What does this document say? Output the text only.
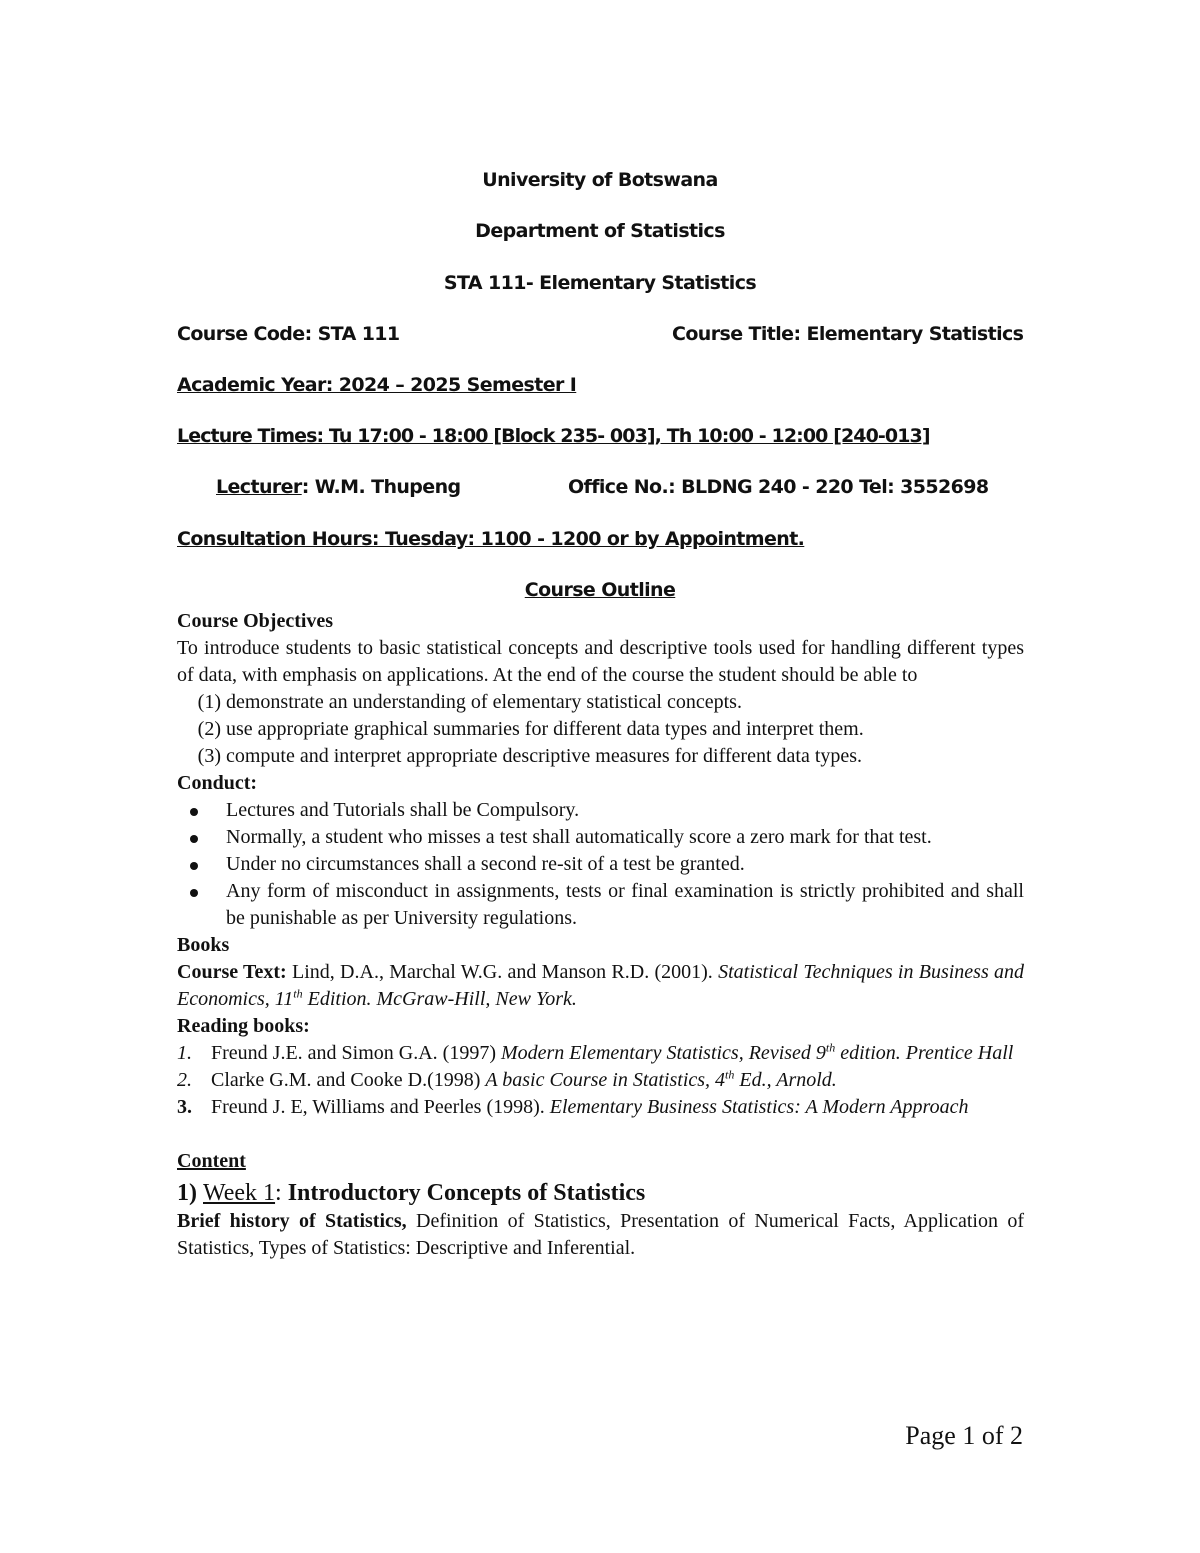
University of Botswana
Department of Statistics
STA 111- Elementary Statistics
Course Code: STA 111	Course Title: Elementary Statistics
Academic Year: 2024 – 2025 Semester I
Lecture Times: Tu 17:00 - 18:00 [Block 235- 003], Th 10:00 - 12:00 [240-013]
Lecturer: W.M. Thupeng	Office No.: BLDNG 240 - 220 Tel: 3552698
Consultation Hours: Tuesday: 1100 - 1200 or by Appointment.
Course Outline
Course Objectives
To introduce students to basic statistical concepts and descriptive tools used for handling different types of data, with emphasis on applications. At the end of the course the student should be able to
(1) demonstrate an understanding of elementary statistical concepts.
(2) use appropriate graphical summaries for different data types and interpret them.
(3) compute and interpret appropriate descriptive measures for different data types.
Conduct:
Lectures and Tutorials shall be Compulsory.
Normally, a student who misses a test shall automatically score a zero mark for that test.
Under no circumstances shall a second re-sit of a test be granted.
Any form of misconduct in assignments, tests or final examination is strictly prohibited and shall be punishable as per University regulations.
Books
Course Text: Lind, D.A., Marchal W.G. and Manson R.D. (2001). Statistical Techniques in Business and Economics, 11th Edition. McGraw-Hill, New York.
Reading books:
1. Freund J.E. and Simon G.A. (1997) Modern Elementary Statistics, Revised 9th edition. Prentice Hall
2. Clarke G.M. and Cooke D.(1998) A basic Course in Statistics, 4th Ed., Arnold.
3. Freund J. E, Williams and Peerles (1998). Elementary Business Statistics: A Modern Approach
Content
1) Week 1: Introductory Concepts of Statistics
Brief history of Statistics, Definition of Statistics, Presentation of Numerical Facts, Application of Statistics, Types of Statistics: Descriptive and Inferential.
Page 1 of 2
